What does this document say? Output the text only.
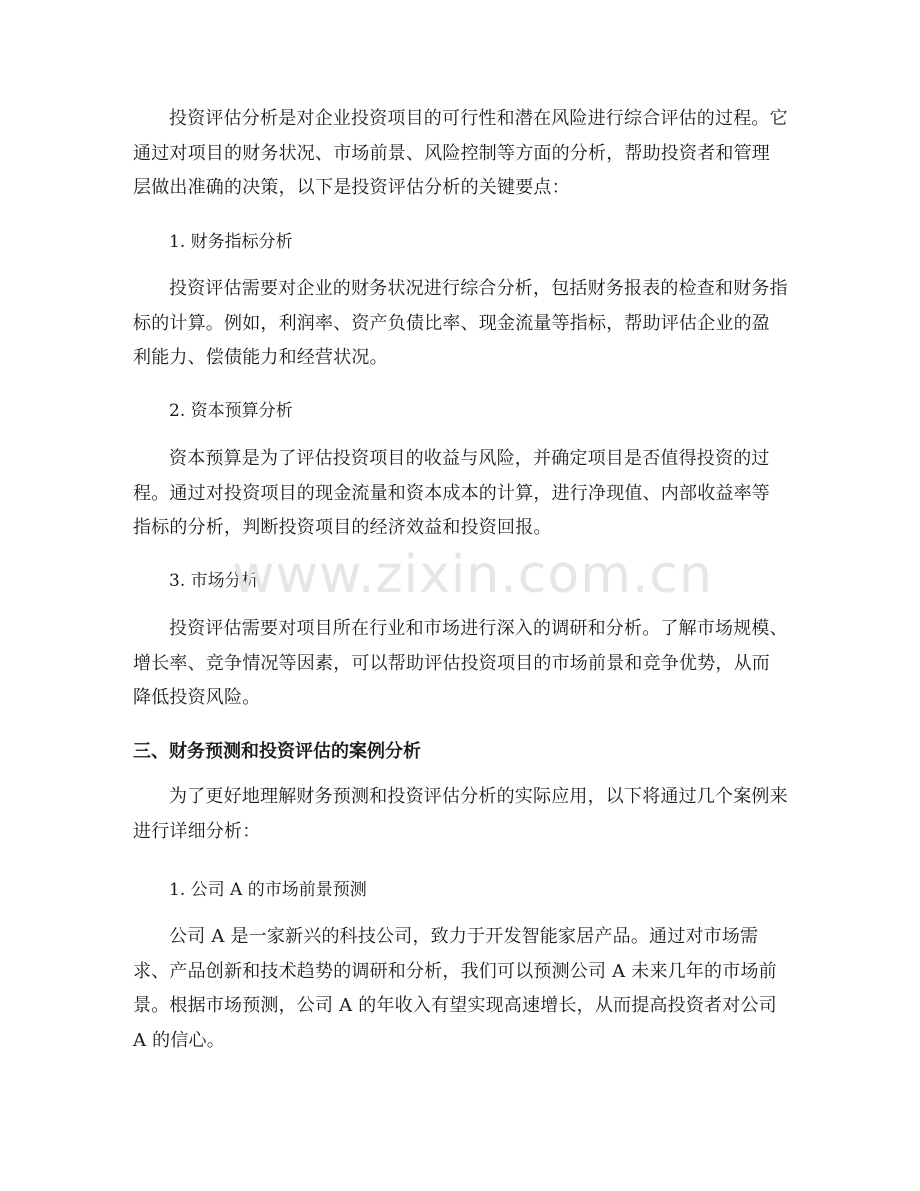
投资评估分析是对企业投资项目的可行性和潜在风险进行综合评估的过程。它通过对项目的财务状况、市场前景、风险控制等方面的分析，帮助投资者和管理层做出准确的决策，以下是投资评估分析的关键要点：

1. 财务指标分析

投资评估需要对企业的财务状况进行综合分析，包括财务报表的检查和财务指标的计算。例如，利润率、资产负债比率、现金流量等指标，帮助评估企业的盈利能力、偿债能力和经营状况。

2. 资本预算分析

资本预算是为了评估投资项目的收益与风险，并确定项目是否值得投资的过程。通过对投资项目的现金流量和资本成本的计算，进行净现值、内部收益率等指标的分析，判断投资项目的经济效益和投资回报。

3. 市场分析

投资评估需要对项目所在行业和市场进行深入的调研和分析。了解市场规模、增长率、竞争情况等因素，可以帮助评估投资项目的市场前景和竞争优势，从而降低投资风险。

三、财务预测和投资评估的案例分析

为了更好地理解财务预测和投资评估分析的实际应用，以下将通过几个案例来进行详细分析：

1. 公司 A 的市场前景预测

公司 A 是一家新兴的科技公司，致力于开发智能家居产品。通过对市场需求、产品创新和技术趋势的调研和分析，我们可以预测公司 A 未来几年的市场前景。根据市场预测，公司 A 的年收入有望实现高速增长，从而提高投资者对公司 A 的信心。

www.zixin.com.cn
